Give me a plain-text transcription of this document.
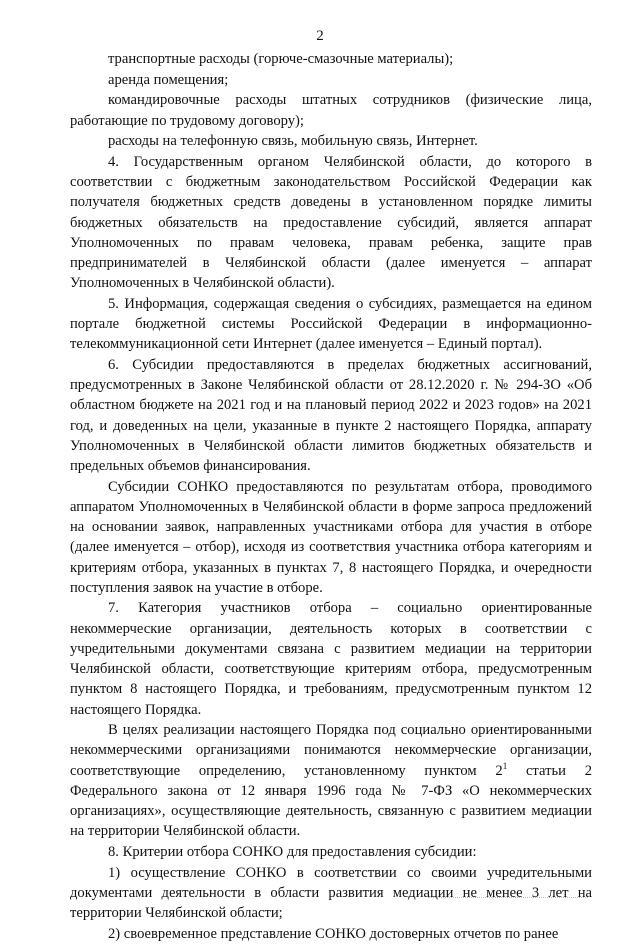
2

транспортные расходы (горюче-смазочные материалы);

аренда помещения;

командировочные расходы штатных сотрудников (физические лица, работающие по трудовому договору);

расходы на телефонную связь, мобильную связь, Интернет.

4. Государственным органом Челябинской области, до которого в соответствии с бюджетным законодательством Российской Федерации как получателя бюджетных средств доведены в установленном порядке лимиты бюджетных обязательств на предоставление субсидий, является аппарат Уполномоченных по правам человека, правам ребенка, защите прав предпринимателей в Челябинской области (далее именуется – аппарат Уполномоченных в Челябинской области).

5. Информация, содержащая сведения о субсидиях, размещается на едином портале бюджетной системы Российской Федерации в информационно-телекоммуникационной сети Интернет (далее именуется – Единый портал).

6. Субсидии предоставляются в пределах бюджетных ассигнований, предусмотренных в Законе Челябинской области от 28.12.2020 г. № 294-ЗО «Об областном бюджете на 2021 год и на плановый период 2022 и 2023 годов» на 2021 год, и доведенных на цели, указанные в пункте 2 настоящего Порядка, аппарату Уполномоченных в Челябинской области лимитов бюджетных обязательств и предельных объемов финансирования.

Субсидии СОНКО предоставляются по результатам отбора, проводимого аппаратом Уполномоченных в Челябинской области в форме запроса предложений на основании заявок, направленных участниками отбора для участия в отборе (далее именуется – отбор), исходя из соответствия участника отбора категориям и критериям отбора, указанных в пунктах 7, 8 настоящего Порядка, и очередности поступления заявок на участие в отборе.

7. Категория участников отбора – социально ориентированные некоммерческие организации, деятельность которых в соответствии с учредительными документами связана с развитием медиации на территории Челябинской области, соответствующие критериям отбора, предусмотренным пунктом 8 настоящего Порядка, и требованиям, предусмотренным пунктом 12 настоящего Порядка.

В целях реализации настоящего Порядка под социально ориентированными некоммерческими организациями понимаются некоммерческие организации, соответствующие определению, установленному пунктом $2^1$ статьи 2 Федерального закона от 12 января 1996 года № 7-ФЗ «О некоммерческих организациях», осуществляющие деятельность, связанную с развитием медиации на территории Челябинской области.

8. Критерии отбора СОНКО для предоставления субсидии:

1) осуществление СОНКО в соответствии со своими учредительными документами деятельности в области развития медиации не менее 3 лет на территории Челябинской области;

2) своевременное представление СОНКО достоверных отчетов по ранее
